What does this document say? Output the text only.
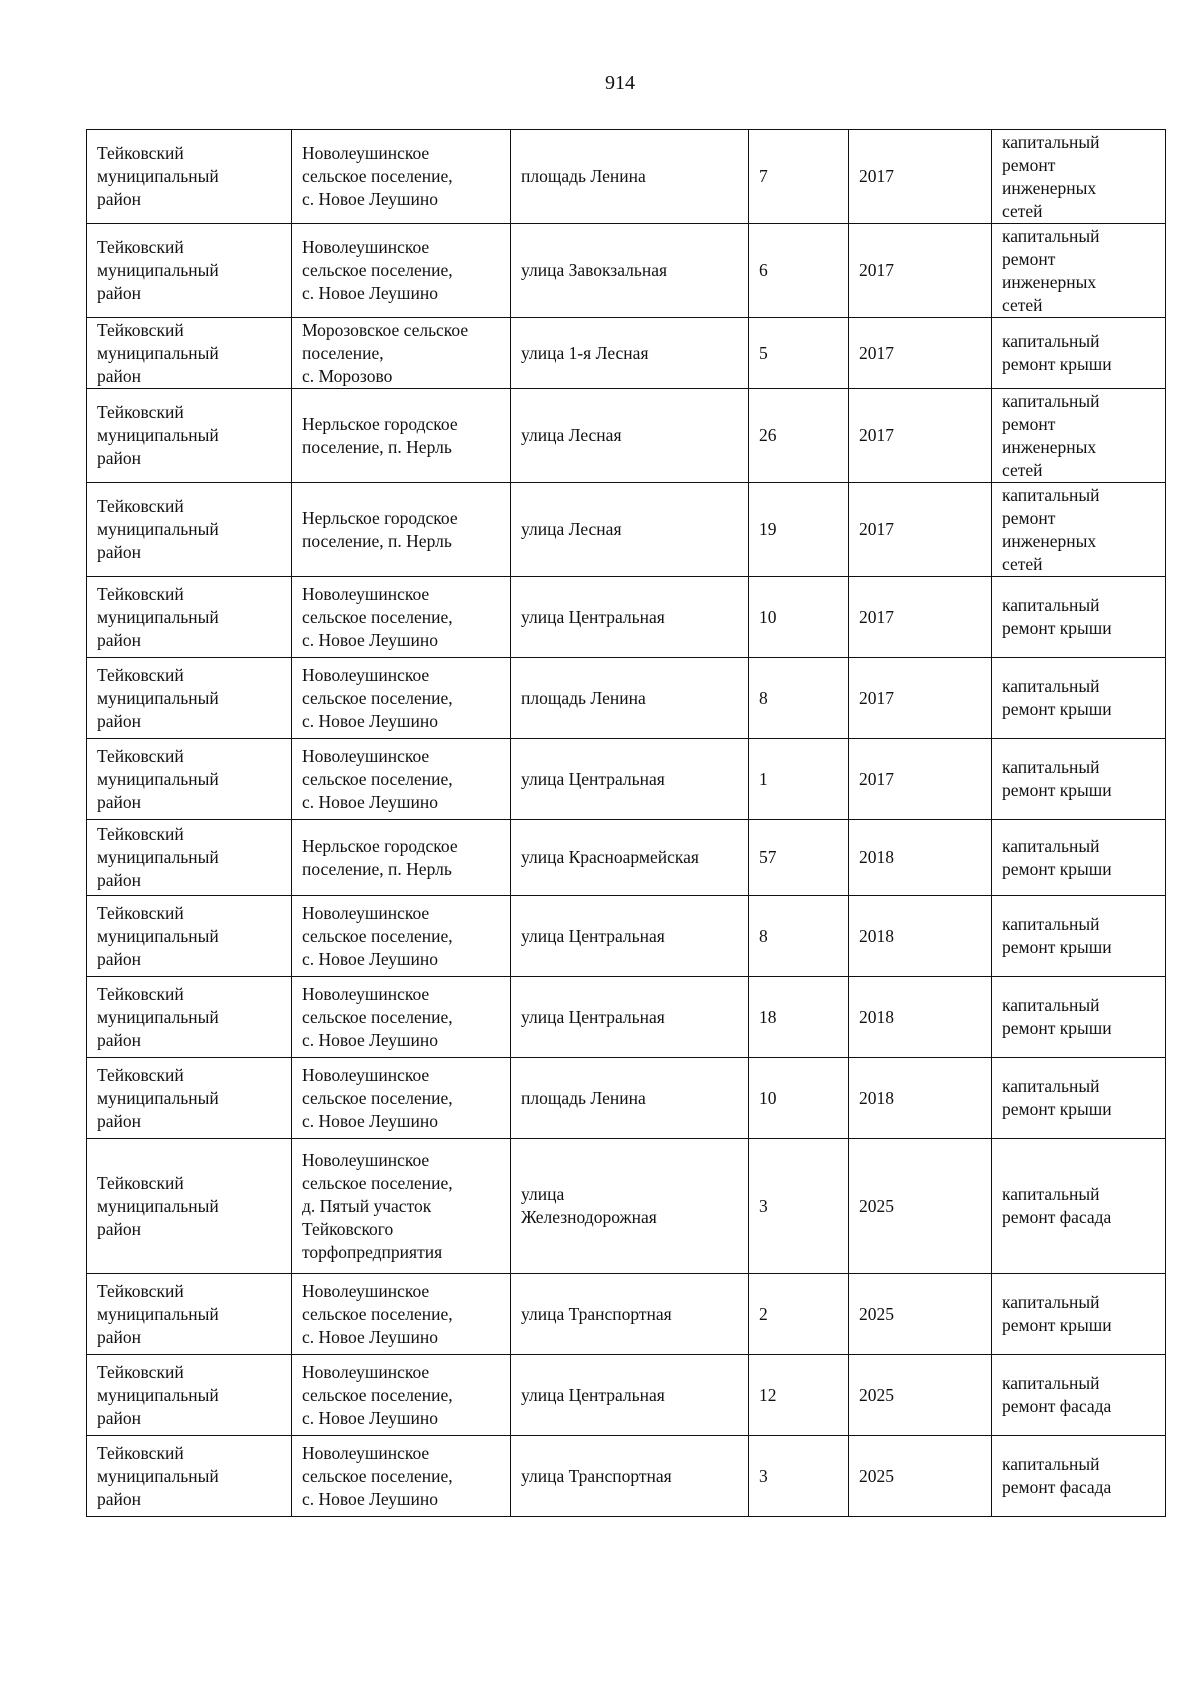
914
Тейковский
муниципальный
район	Новолеушинское
сельское поселение,
с. Новое Леушино	площадь Ленина	7	2017	капитальный
ремонт
инженерных
сетей
Тейковский
муниципальный
район	Новолеушинское
сельское поселение,
с. Новое Леушино	улица Завокзальная	6	2017	капитальный
ремонт
инженерных
сетей
Тейковский
муниципальный
район	Морозовское сельское
поселение,
с. Морозово	улица 1-я Лесная	5	2017	капитальный
ремонт крыши
Тейковский
муниципальный
район	Нерльское городское
поселение, п. Нерль	улица Лесная	26	2017	капитальный
ремонт
инженерных
сетей
Тейковский
муниципальный
район	Нерльское городское
поселение, п. Нерль	улица Лесная	19	2017	капитальный
ремонт
инженерных
сетей
Тейковский
муниципальный
район	Новолеушинское
сельское поселение,
с. Новое Леушино	улица Центральная	10	2017	капитальный
ремонт крыши
Тейковский
муниципальный
район	Новолеушинское
сельское поселение,
с. Новое Леушино	площадь Ленина	8	2017	капитальный
ремонт крыши
Тейковский
муниципальный
район	Новолеушинское
сельское поселение,
с. Новое Леушино	улица Центральная	1	2017	капитальный
ремонт крыши
Тейковский
муниципальный
район	Нерльское городское
поселение, п. Нерль	улица Красноармейская	57	2018	капитальный
ремонт крыши
Тейковский
муниципальный
район	Новолеушинское
сельское поселение,
с. Новое Леушино	улица Центральная	8	2018	капитальный
ремонт крыши
Тейковский
муниципальный
район	Новолеушинское
сельское поселение,
с. Новое Леушино	улица Центральная	18	2018	капитальный
ремонт крыши
Тейковский
муниципальный
район	Новолеушинское
сельское поселение,
с. Новое Леушино	площадь Ленина	10	2018	капитальный
ремонт крыши
Тейковский
муниципальный
район	Новолеушинское
сельское поселение,
д. Пятый участок
Тейковского
торфопредприятия	улица
Железнодорожная	3	2025	капитальный
ремонт фасада
Тейковский
муниципальный
район	Новолеушинское
сельское поселение,
с. Новое Леушино	улица Транспортная	2	2025	капитальный
ремонт крыши
Тейковский
муниципальный
район	Новолеушинское
сельское поселение,
с. Новое Леушино	улица Центральная	12	2025	капитальный
ремонт фасада
Тейковский
муниципальный
район	Новолеушинское
сельское поселение,
с. Новое Леушино	улица Транспортная	3	2025	капитальный
ремонт фасада
